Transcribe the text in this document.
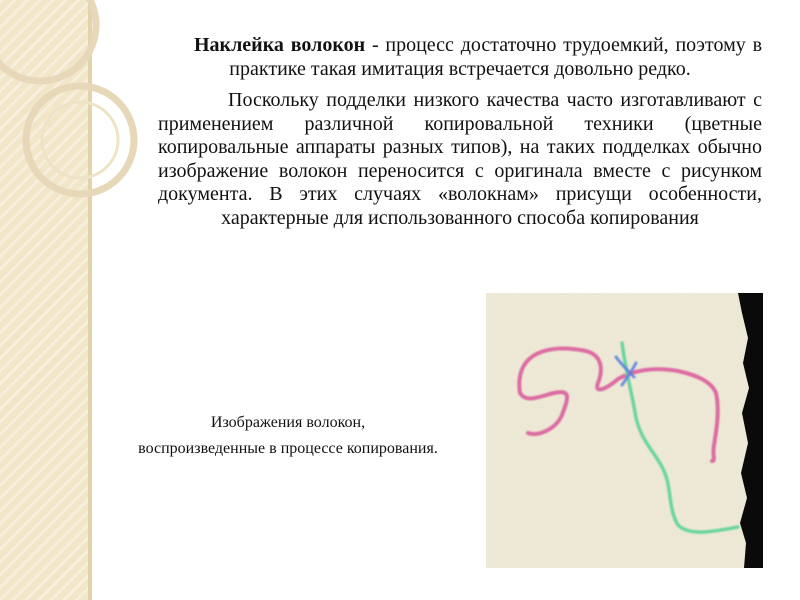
Наклейка волокон - процесс достаточно трудоемкий, поэтому в практике такая имитация встречается довольно редко.

Поскольку подделки низкого качества часто изготавливают с применением различной копировальной техники (цветные копировальные аппараты разных типов), на таких подделках обычно изображение волокон переносится с оригинала вместе с рисунком документа. В этих случаях «волокнам» присущи особенности, характерные для использованного способа копирования

Изображения волокон,
воспроизведенные в процессе копирования.
